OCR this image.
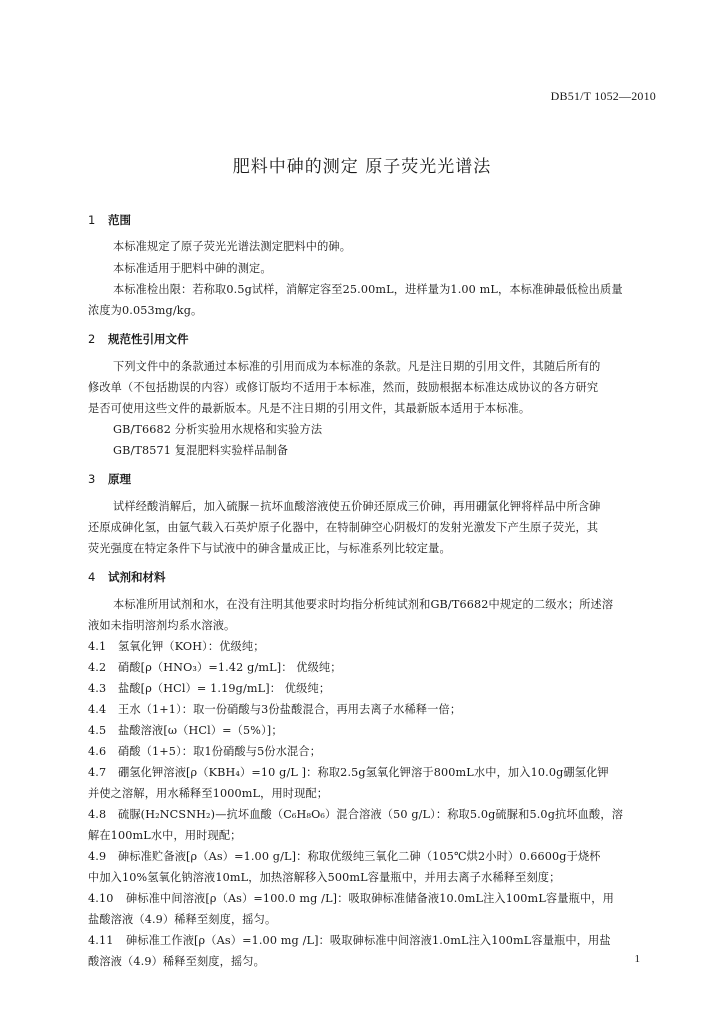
DB51/T 1052—2010
肥料中砷的测定 原子荧光光谱法
1 范围
本标准规定了原子荧光光谱法测定肥料中的砷。
本标准适用于肥料中砷的测定。
本标准检出限：若称取0.5g试样，消解定容至25.00mL，进样量为1.00 mL，本标准砷最低检出质量
浓度为0.053mg/kg。
2 规范性引用文件
下列文件中的条款通过本标准的引用而成为本标准的条款。凡是注日期的引用文件，其随后所有的
修改单（不包括勘误的内容）或修订版均不适用于本标准，然而，鼓励根据本标准达成协议的各方研究
是否可使用这些文件的最新版本。凡是不注日期的引用文件，其最新版本适用于本标准。
GB/T6682 分析实验用水规格和实验方法
GB/T8571 复混肥料实验样品制备
3 原理
试样经酸消解后，加入硫脲－抗坏血酸溶液使五价砷还原成三价砷，再用硼氯化钾将样品中所含砷
还原成砷化氢，由氩气载入石英炉原子化器中，在特制砷空心阴极灯的发射光激发下产生原子荧光，其
荧光强度在特定条件下与试液中的砷含量成正比，与标准系列比较定量。
4 试剂和材料
本标准所用试剂和水，在没有注明其他要求时均指分析纯试剂和GB/T6682中规定的二级水；所述溶
液如未指明溶剂均系水溶液。
4.1 氢氧化钾（KOH）：优级纯；
4.2 硝酸[ρ（HNO₃）=1.42 g/mL]： 优级纯；
4.3 盐酸[ρ（HCl）= 1.19g/mL]： 优级纯；
4.4 王水（1+1）：取一份硝酸与3份盐酸混合，再用去离子水稀释一倍；
4.5 盐酸溶液[ω（HCl）=（5%）]；
4.6 硝酸（1+5）：取1份硝酸与5份水混合；
4.7 硼氢化钾溶液[ρ（KBH₄）=10 g/L ]：称取2.5g氢氧化钾溶于800mL水中，加入10.0g硼氢化钾
并使之溶解，用水稀释至1000mL，用时现配；
4.8 硫脲(H₂NCSNH₂)—抗坏血酸（C₆H₈O₆）混合溶液（50 g/L）：称取5.0g硫脲和5.0g抗坏血酸，溶
解在100mL水中，用时现配；
4.9 砷标准贮备液[ρ（As）=1.00 g/L]：称取优级纯三氧化二砷（105℃烘2小时）0.6600g于烧杯
中加入10%氢氧化钠溶液10mL，加热溶解移入500mL容量瓶中，并用去离子水稀释至刻度；
4.10 砷标准中间溶液[ρ（As）=100.0 mg /L]：吸取砷标准储备液10.0mL注入100mL容量瓶中，用
盐酸溶液（4.9）稀释至刻度，摇匀。
4.11 砷标准工作液[ρ（As）=1.00 mg /L]：吸取砷标准中间溶液1.0mL注入100mL容量瓶中，用盐
酸溶液（4.9）稀释至刻度，摇匀。	1
